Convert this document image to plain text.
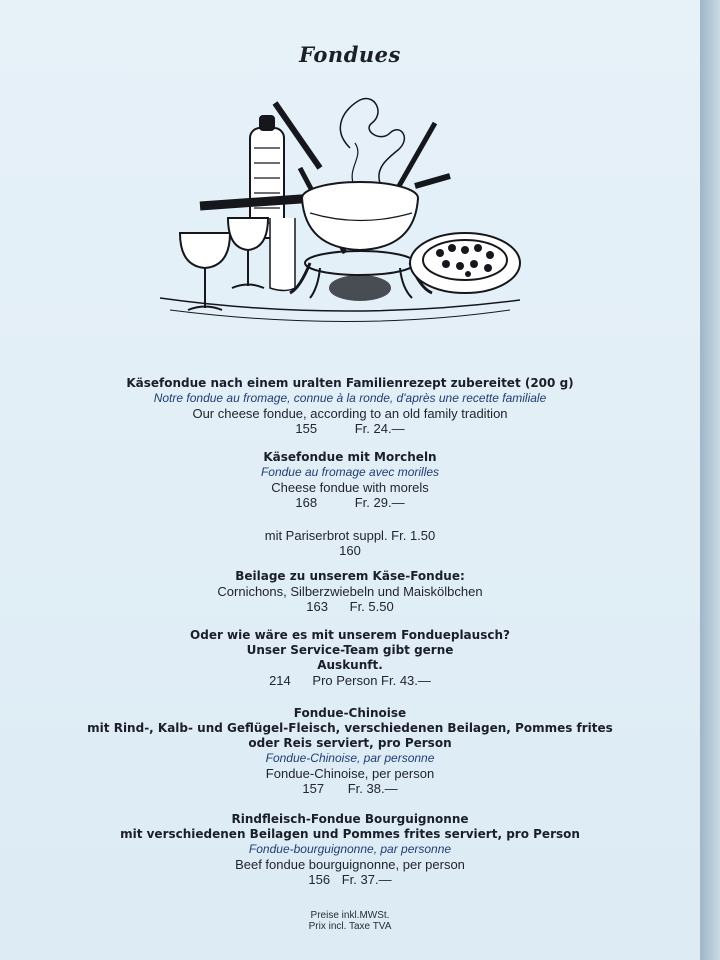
Fondues
Käsefondue nach einem uralten Familienrezept zubereitet (200 g)
Notre fondue au fromage, connue à la ronde, d'après une recette familiale
Our cheese fondue, according to an old family tradition
155	Fr. 24.—
Käsefondue mit Morcheln
Fondue au fromage avec morilles
Cheese fondue with morels
168	Fr. 29.—
mit Pariserbrot suppl. Fr. 1.50
160
Beilage zu unserem Käse-Fondue:
Cornichons, Silberzwiebeln und Maiskölbchen
163 Fr. 5.50
Oder wie wäre es mit unserem Fondueplausch?
Unser Service-Team gibt gerne
Auskunft.
214 Pro Person Fr. 43.—
Fondue-Chinoise
mit Rind-, Kalb- und Geflügel-Fleisch, verschiedenen Beilagen, Pommes frites
oder Reis serviert, pro Person
Fondue-Chinoise, par personne
Fondue-Chinoise, per person
157 Fr. 38.—
Rindfleisch-Fondue Bourguignonne
mit verschiedenen Beilagen und Pommes frites serviert, pro Person
Fondue-bourguignonne, par personne
Beef fondue bourguignonne, per person
156 Fr. 37.—
Preise inkl.MWSt.
Prix incl. Taxe TVA
